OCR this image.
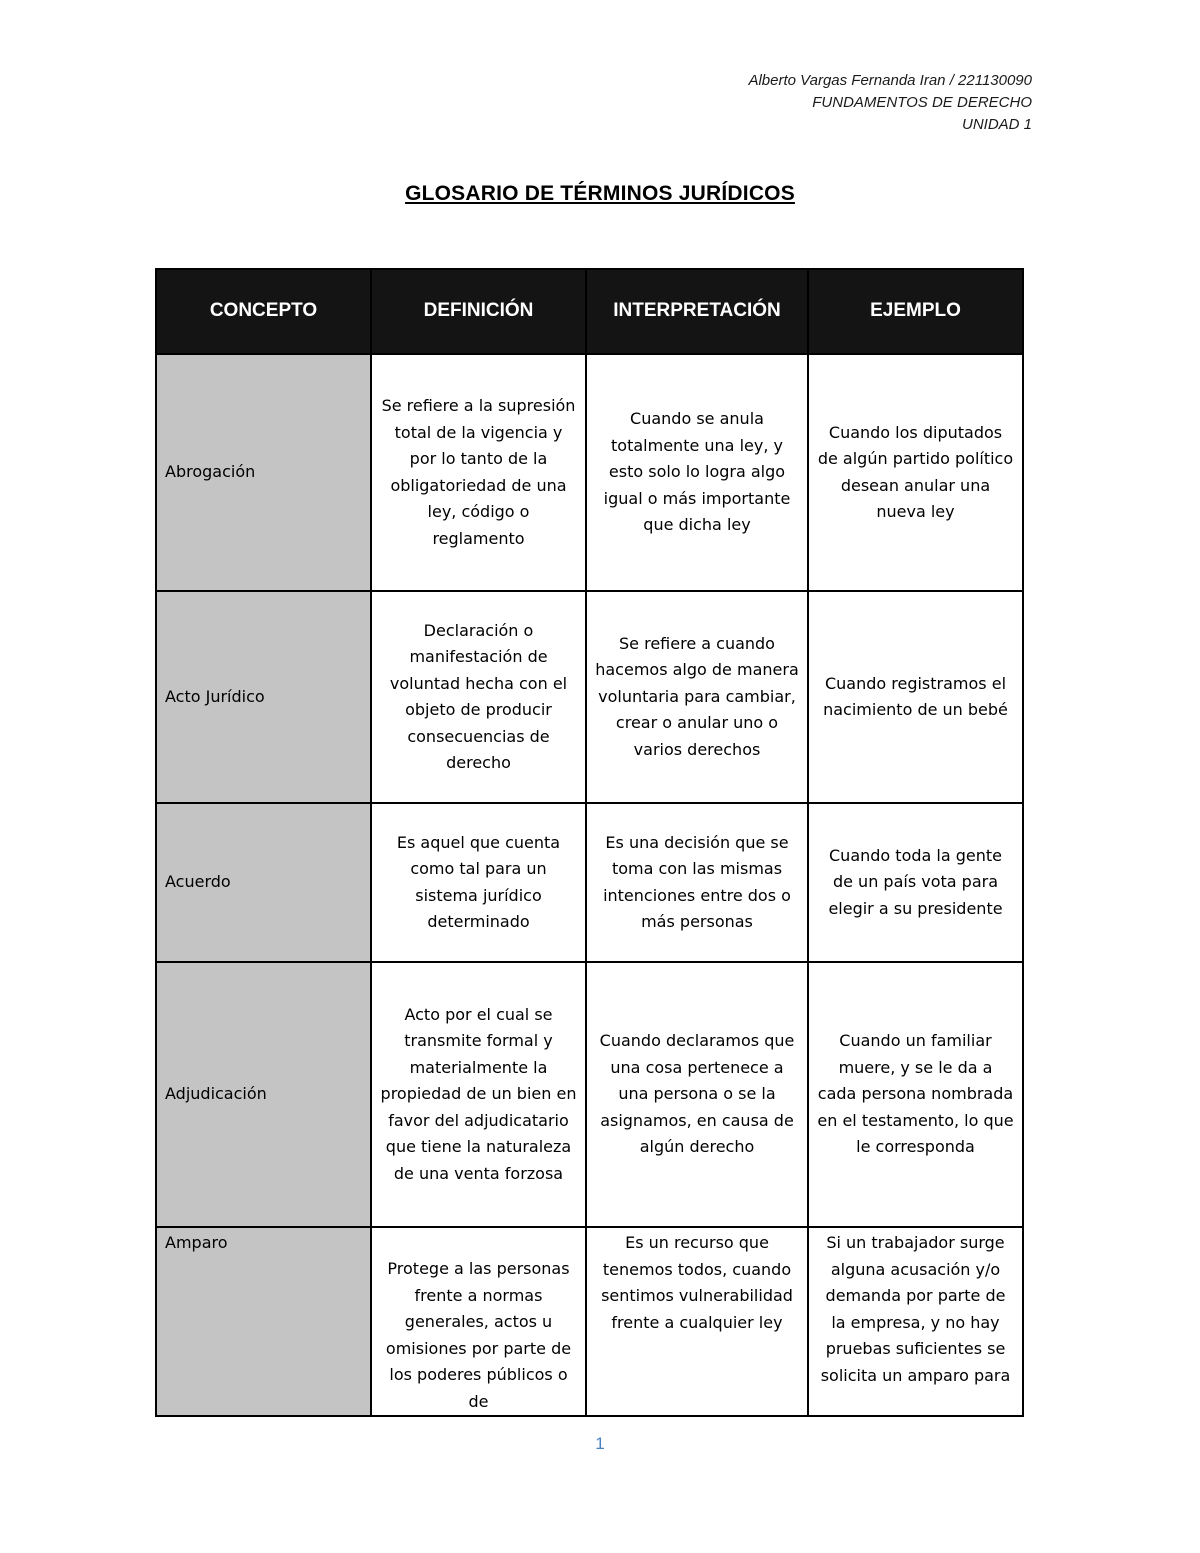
Alberto Vargas Fernanda Iran / 221130090
FUNDAMENTOS DE DERECHO
UNIDAD 1
GLOSARIO DE TÉRMINOS JURÍDICOS
CONCEPTO	DEFINICIÓN	INTERPRETACIÓN	EJEMPLO
Abrogación	Se refiere a la supresión total de la vigencia y por lo tanto de la obligatoriedad de una ley, código o reglamento	Cuando se anula totalmente una ley, y esto solo lo logra algo igual o más importante que dicha ley	Cuando los diputados de algún partido político desean anular una nueva ley
Acto Jurídico	Declaración o manifestación de voluntad hecha con el objeto de producir consecuencias de derecho	Se refiere a cuando hacemos algo de manera voluntaria para cambiar, crear o anular uno o varios derechos	Cuando registramos el nacimiento de un bebé
Acuerdo	Es aquel que cuenta como tal para un sistema jurídico determinado	Es una decisión que se toma con las mismas intenciones entre dos o más personas	Cuando toda la gente de un país vota para elegir a su presidente
Adjudicación	Acto por el cual se transmite formal y materialmente la propiedad de un bien en favor del adjudicatario que tiene la naturaleza de una venta forzosa	Cuando declaramos que una cosa pertenece a una persona o se la asignamos, en causa de algún derecho	Cuando un familiar muere, y se le da a cada persona nombrada en el testamento, lo que le corresponda
Amparo	Protege a las personas frente a normas generales, actos u omisiones por parte de los poderes públicos o de	Es un recurso que tenemos todos, cuando sentimos vulnerabilidad frente a cualquier ley	Si un trabajador surge alguna acusación y/o demanda por parte de la empresa, y no hay pruebas suficientes se solicita un amparo para
1
